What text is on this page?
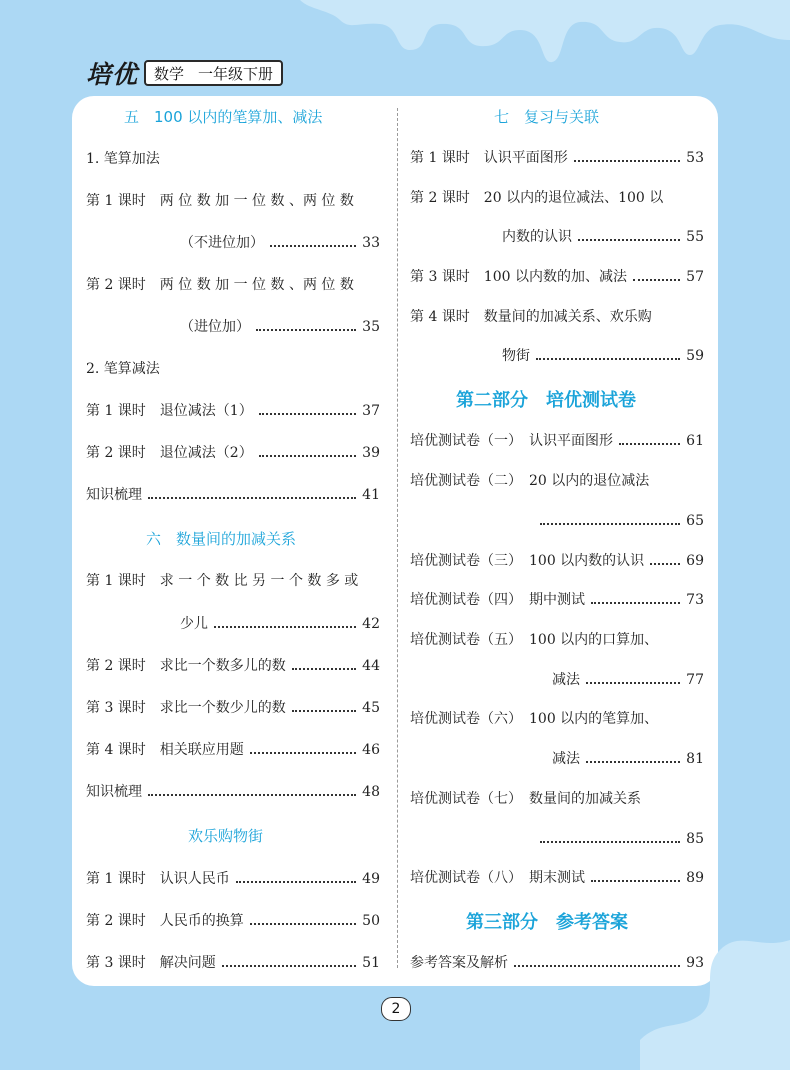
培优 数学 一年级下册
五　100 以内的笔算加、减法
1. 笔算加法
第 1 课时　两 位 数 加 一 位 数 、两 位 数
（不进位加）	33
第 2 课时　两 位 数 加 一 位 数 、两 位 数
（进位加）	35
2. 笔算减法
第 1 课时　退位减法（1）	37
第 2 课时　退位减法（2）	39
知识梳理	41
六　数量间的加减关系
第 1 课时　求 一 个 数 比 另 一 个 数 多 或
少儿	42
第 2 课时　求比一个数多儿的数	44
第 3 课时　求比一个数少儿的数	45
第 4 课时　相关联应用题	46
知识梳理	48
欢乐购物街
第 1 课时　认识人民币	49
第 2 课时　人民币的换算	50
第 3 课时　解决问题	51
七　复习与关联
第 1 课时　认识平面图形	53
第 2 课时　20 以内的退位减法、100 以
内数的认识	55
第 3 课时　100 以内数的加、减法	57
第 4 课时　数量间的加减关系、欢乐购
物街	59
第二部分　培优测试卷
培优测试卷（一）　认识平面图形	61
培优测试卷（二）　20 以内的退位减法
65
培优测试卷（三）　100 以内数的认识	69
培优测试卷（四）　期中测试	73
培优测试卷（五）　100 以内的口算加、
减法	77
培优测试卷（六）　100 以内的笔算加、
减法	81
培优测试卷（七）　数量间的加减关系
85
培优测试卷（八）　期末测试	89
第三部分　参考答案
参考答案及解析	93
2
